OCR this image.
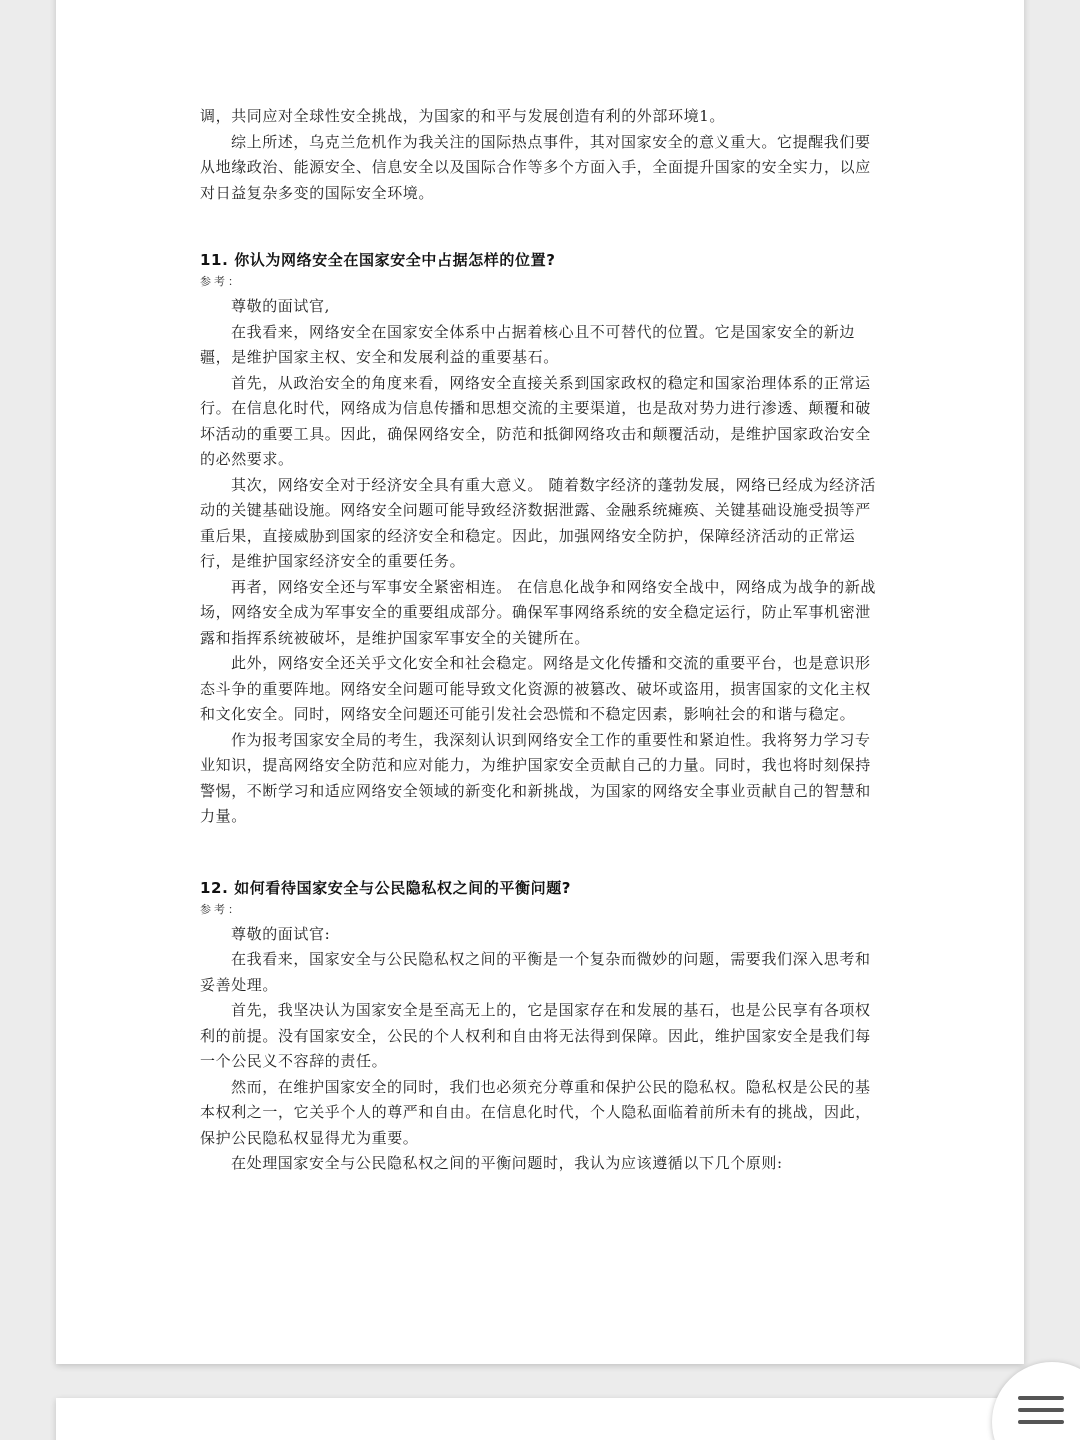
调，共同应对全球性安全挑战，为国家的和平与发展创造有利的外部环境1。

综上所述，乌克兰危机作为我关注的国际热点事件，其对国家安全的意义重大。它提醒我们要从地缘政治、能源安全、信息安全以及国际合作等多个方面入手，全面提升国家的安全实力，以应对日益复杂多变的国际安全环境。

11. 你认为网络安全在国家安全中占据怎样的位置?

参考：

尊敬的面试官,

在我看来，网络安全在国家安全体系中占据着核心且不可替代的位置。它是国家安全的新边疆，是维护国家主权、安全和发展利益的重要基石。

首先，从政治安全的角度来看，网络安全直接关系到国家政权的稳定和国家治理体系的正常运行。在信息化时代，网络成为信息传播和思想交流的主要渠道，也是敌对势力进行渗透、颠覆和破坏活动的重要工具。因此，确保网络安全，防范和抵御网络攻击和颠覆活动，是维护国家政治安全的必然要求。

其次，网络安全对于经济安全具有重大意义。 随着数字经济的蓬勃发展，网络已经成为经济活动的关键基础设施。网络安全问题可能导致经济数据泄露、金融系统瘫痪、关键基础设施受损等严重后果，直接威胁到国家的经济安全和稳定。因此，加强网络安全防护，保障经济活动的正常运行，是维护国家经济安全的重要任务。

再者，网络安全还与军事安全紧密相连。 在信息化战争和网络安全战中，网络成为战争的新战场，网络安全成为军事安全的重要组成部分。确保军事网络系统的安全稳定运行，防止军事机密泄露和指挥系统被破坏，是维护国家军事安全的关键所在。

此外，网络安全还关乎文化安全和社会稳定。网络是文化传播和交流的重要平台，也是意识形态斗争的重要阵地。网络安全问题可能导致文化资源的被篡改、破坏或盗用，损害国家的文化主权和文化安全。同时，网络安全问题还可能引发社会恐慌和不稳定因素，影响社会的和谐与稳定。

作为报考国家安全局的考生，我深刻认识到网络安全工作的重要性和紧迫性。我将努力学习专业知识，提高网络安全防范和应对能力，为维护国家安全贡献自己的力量。同时，我也将时刻保持警惕，不断学习和适应网络安全领域的新变化和新挑战，为国家的网络安全事业贡献自己的智慧和力量。

12. 如何看待国家安全与公民隐私权之间的平衡问题?

参考：

尊敬的面试官:

在我看来，国家安全与公民隐私权之间的平衡是一个复杂而微妙的问题，需要我们深入思考和妥善处理。

首先，我坚决认为国家安全是至高无上的，它是国家存在和发展的基石，也是公民享有各项权利的前提。没有国家安全，公民的个人权利和自由将无法得到保障。因此，维护国家安全是我们每一个公民义不容辞的责任。

然而，在维护国家安全的同时，我们也必须充分尊重和保护公民的隐私权。隐私权是公民的基本权利之一，它关乎个人的尊严和自由。在信息化时代，个人隐私面临着前所未有的挑战，因此，保护公民隐私权显得尤为重要。

在处理国家安全与公民隐私权之间的平衡问题时，我认为应该遵循以下几个原则:
